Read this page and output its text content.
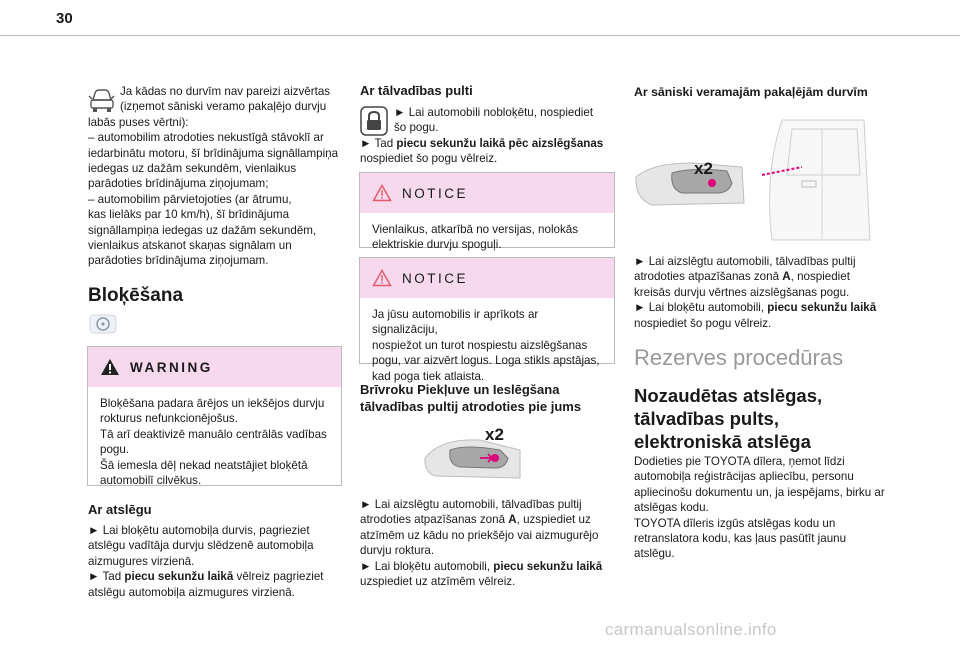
30

Ja kādas no durvīm nav pareizi aizvērtas

(izņemot sāniski veramo pakaļējo durvju

labās puses vērtni):

– automobilim atrodoties nekustīgā stāvoklī ar

iedarbinātu motoru, šī brīdinājuma signāllampiņa

iedegas uz dažām sekundēm, vienlaikus

parādoties brīdinājuma ziņojumam;

– automobilim pārvietojoties (ar ātrumu,

kas lielāks par 10 km/h), šī brīdinājuma

signāllampiņa iedegas uz dažām sekundēm,

vienlaikus atskanot skaņas signālam un

parādoties brīdinājuma ziņojumam.

Bloķēšana
WARNING

Bloķēšana padara ārējos un iekšējos durvju

rokturus nefunkcionējošus.

Tā arī deaktivizē manuālo centrālās vadības

pogu.

Šā iemesla dēļ nekad neatstājiet bloķētā

automobilī cilvēkus.

Ar atslēgu

► Lai bloķētu automobiļa durvis, pagrieziet

atslēgu vadītāja durvju slēdzenē automobiļa

aizmugures virzienā.

► Tad piecu sekunžu laikā vēlreiz pagrieziet

atslēgu automobiļa aizmugures virzienā.

Ar tālvadības pulti

► Lai automobili nobloķētu, nospiediet

šo pogu.

► Tad piecu sekunžu laikā pēc aizslēgšanas

nospiediet šo pogu vēlreiz.

NOTICE

Vienlaikus, atkarībā no versijas, nolokās

elektriskie durvju spoguļi.

NOTICE

Ja jūsu automobilis ir aprīkots ar signalizāciju,

nospiežot un turot nospiestu aizslēgšanas

pogu, var aizvērt logus. Loga stikls apstājas,

kad poga tiek atlaista.

Brīvroku Piekļuve un Ieslēgšana
tālvadības pultij atrodoties pie jums
x2

► Lai aizslēgtu automobili, tālvadības pultij

atrodoties atpazīšanas zonā A, uzspiediet uz

atzīmēm uz kādu no priekšējo vai aizmugurējo

durvju roktura.

► Lai bloķētu automobili, piecu sekunžu laikā

uzspiediet uz atzīmēm vēlreiz.

Ar sāniski veramajām pakaļējām durvīm
x2

► Lai aizslēgtu automobili, tālvadības pultij

atrodoties atpazīšanas zonā A, nospiediet

kreisās durvju vērtnes aizslēgšanas pogu.

► Lai bloķētu automobili, piecu sekunžu laikā

nospiediet šo pogu vēlreiz.

Rezerves procedūras
Nozaudētas atslēgas,
tālvadības pults,
elektroniskā atslēga

Dodieties pie TOYOTA dīlera, ņemot līdzi

automobiļa reģistrācijas apliecību, personu

apliecinošu dokumentu un, ja iespējams, birku ar

atslēgas kodu.

TOYOTA dīleris izgūs atslēgas kodu un

retranslatora kodu, kas ļaus pasūtīt jaunu

atslēgu.

carmanualsonline.info
